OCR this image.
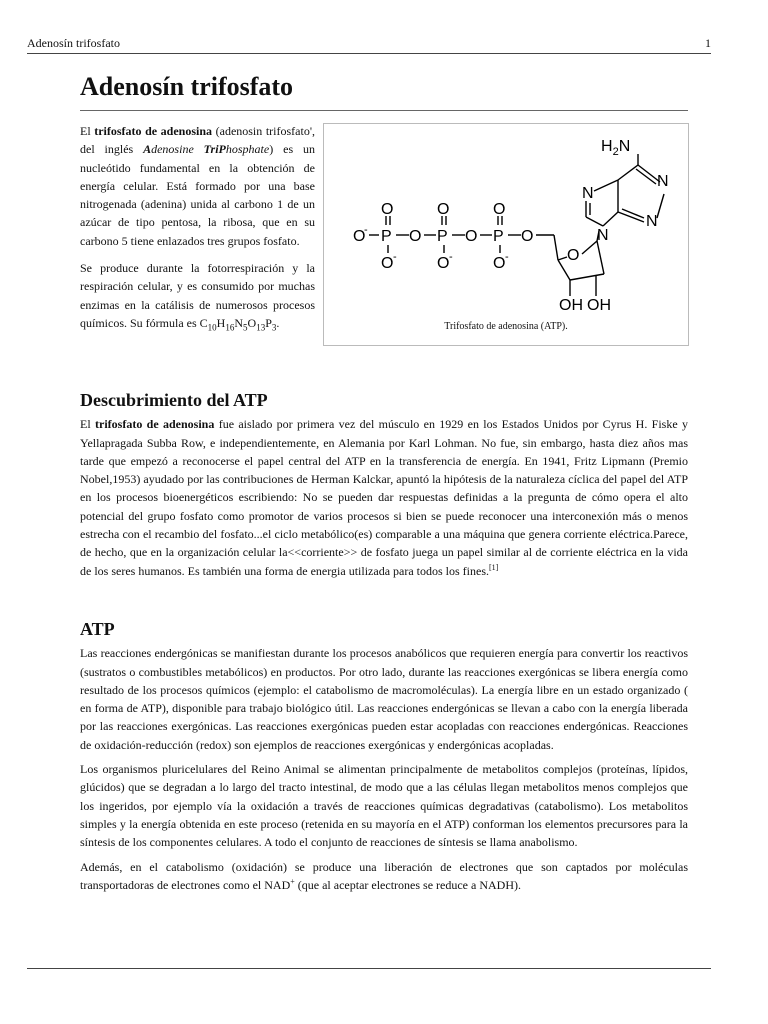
Adenosín trifosfato	1
Adenosín trifosfato

El trifosfato de adenosina (adenosin trifosfato', del inglés Adenosine TriPhosphate) es un nucleótido fundamental en la obtención de energía celular. Está formado por una base nitrogenada (adenina) unida al carbono 1 de un azúcar de tipo pentosa, la ribosa, que en su carbono 5 tiene enlazados tres grupos fosfato.

Se produce durante la fotorrespiración y la respiración celular, y es consumido por muchas enzimas en la catálisis de numerosos procesos químicos. Su fórmula es $C_{10}H_{16}N_5O_{13}P_3$.

$H_2N$
N
N
N
N
O
O	O	O
O
- P O P O P O
O -	O -	O -
OH OH
Trifosfato de adenosina (ATP).
Descubrimiento del ATP

El trifosfato de adenosina fue aislado por primera vez del músculo en 1929 en los Estados Unidos por Cyrus H. Fiske y Yellapragada Subba Row, e independientemente, en Alemania por Karl Lohman. No fue, sin embargo, hasta diez años mas tarde que empezó a reconocerse el papel central del ATP en la transferencia de energía. En 1941, Fritz Lipmann (Premio Nobel,1953) ayudado por las contribuciones de Herman Kalckar, apuntó la hipótesis de la naturaleza cíclica del papel del ATP en los procesos bioenergéticos escribiendo: No se pueden dar respuestas definidas a la pregunta de cómo opera el alto potencial del grupo fosfato como promotor de varios procesos si bien se puede reconocer una interconexión más o menos estrecha con el recambio del fosfato...el ciclo metabólico(es) comparable a una máquina que genera corriente eléctrica.Parece, de hecho, que en la organización celular la<<corriente>> de fosfato juega un papel similar al de corriente eléctrica en la vida de los seres humanos. Es también una forma de energia utilizada para todos los fines.[1]

ATP

Las reacciones endergónicas se manifiestan durante los procesos anabólicos que requieren energía para convertir los reactivos (sustratos o combustibles metabólicos) en productos. Por otro lado, durante las reacciones exergónicas se libera energía como resultado de los procesos químicos (ejemplo: el catabolismo de macromoléculas). La energía libre en un estado organizado ( en forma de ATP), disponible para trabajo biológico útil. Las reacciones endergónicas se llevan a cabo con la energía liberada por las reacciones exergónicas. Las reacciones exergónicas pueden estar acopladas con reacciones endergónicas. Reacciones de oxidación-reducción (redox) son ejemplos de reacciones exergónicas y endergónicas acopladas.

Los organismos pluricelulares del Reino Animal se alimentan principalmente de metabolitos complejos (proteínas, lípidos, glúcidos) que se degradan a lo largo del tracto intestinal, de modo que a las células llegan metabolitos menos complejos que los ingeridos, por ejemplo vía la oxidación a través de reacciones químicas degradativas (catabolismo). Los metabolitos simples y la energía obtenida en este proceso (retenida en su mayoría en el ATP) conforman los elementos precursores para la síntesis de los componentes celulares. A todo el conjunto de reacciones de síntesis se llama anabolismo.

Además, en el catabolismo (oxidación) se produce una liberación de electrones que son captados por moléculas transportadoras de electrones como el NAD+ (que al aceptar electrones se reduce a NADH).
